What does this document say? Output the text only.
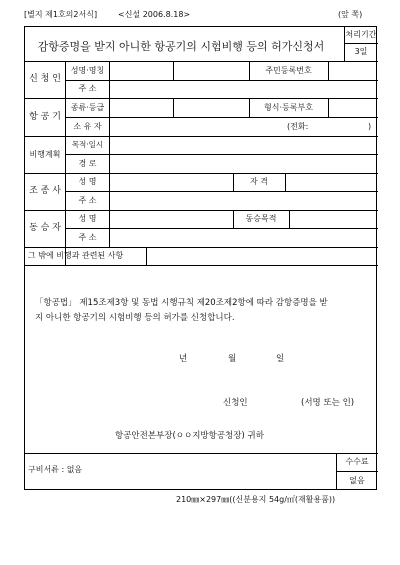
[별지 제1호의2서식]	<신설 2006.8.18>	(앞 쪽)
감항증명을 받지 아니한 항공기의 시험비행 등의 허가신청서
처리기간
3일
신 청 인
성명·명칭	주민등록번호
주 소
항 공 기
종류·등급	형식·등록부호
소 유 자	(전화:	)
비행계획
목적·일시
경 로
조 종 사
성 명	자 격
주 소
동 승 자
성 명	동승목적
주 소
그 밖에 비행과 관련된 사항
「항공법」 제15조제3항 및 동법 시행규칙 제20조제2항에 따라 감항증명을 받
지 아니한 항공기의 시험비행 등의 허가를 신청합니다.
년	월	일
신청인	(서명 또는 인)
항공안전본부장(ㅇㅇ지방항공청장) 귀하
구비서류 : 없음
수수료
없음
210㎜×297㎜((신분용지 54g/㎡(재활용품))
